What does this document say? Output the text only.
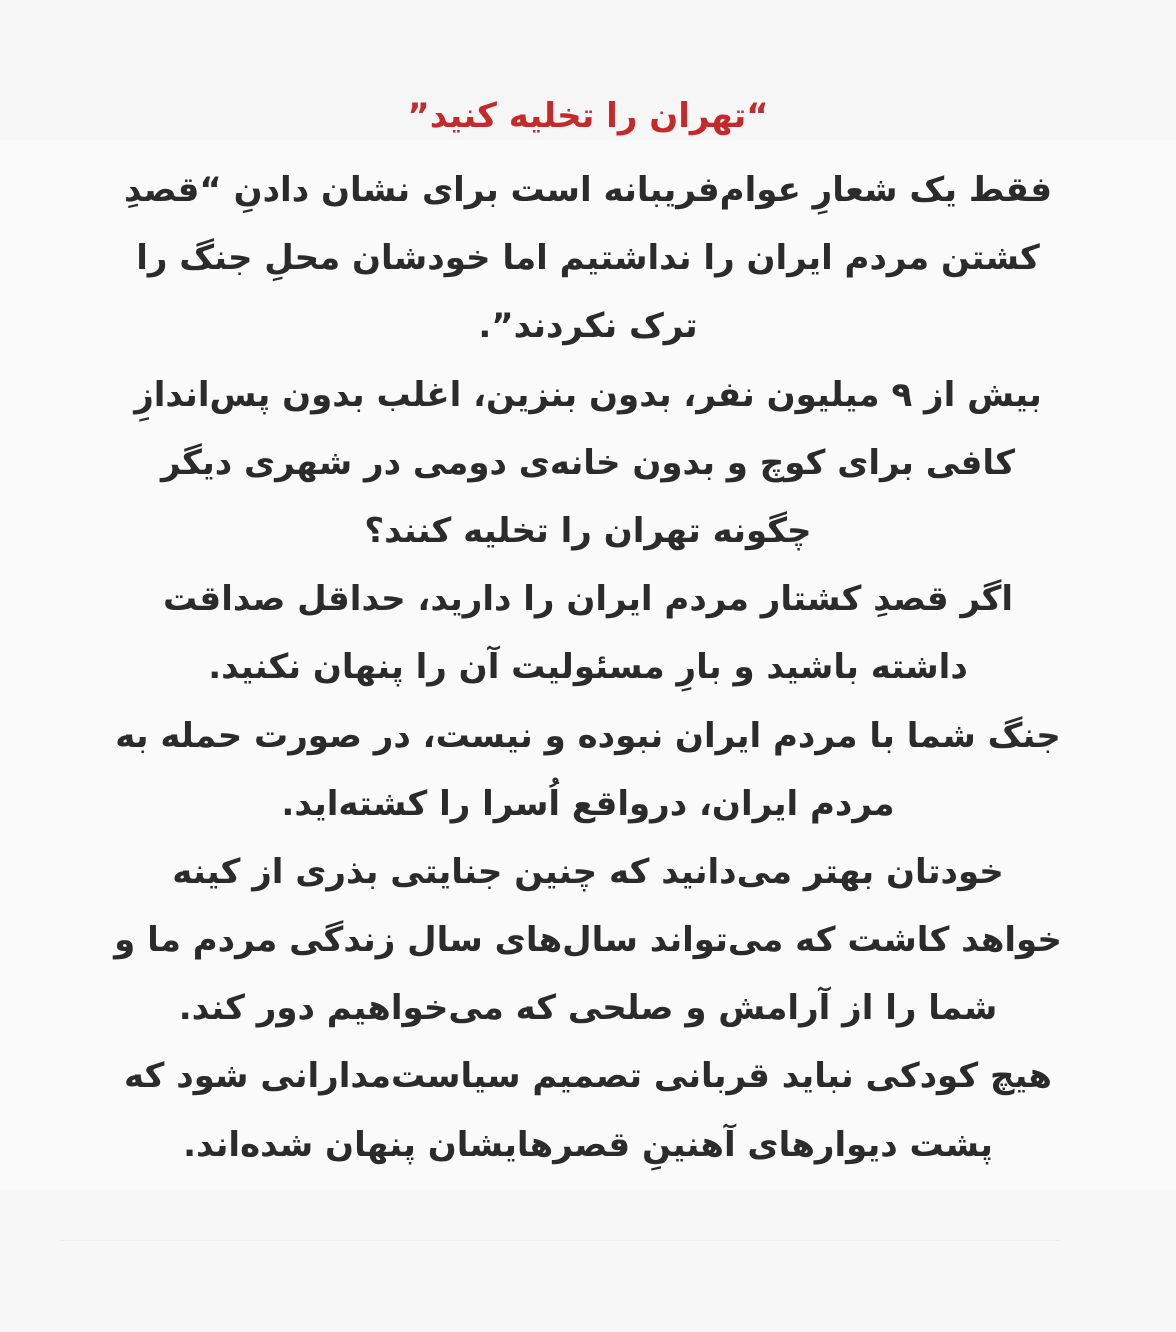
“تهران را تخلیه کنید”
فقط یک شعارِ عوام‌فریبانه است برای نشان دادنِ “قصدِ
کشتن مردم ایران را نداشتیم اما خودشان محلِ جنگ را
ترک نکردند”.
بیش از ۹ میلیون نفر، بدون بنزین، اغلب بدون پس‌اندازِ
کافی برای کوچ و بدون خانه‌ی دومی در شهری دیگر
چگونه تهران را تخلیه کنند؟
اگر قصدِ کشتار مردم ایران را دارید، حداقل صداقت
داشته باشید و بارِ مسئولیت آن را پنهان نکنید.
جنگ شما با مردم ایران نبوده و نیست، در صورت حمله به
مردم ایران، درواقع اُسرا را کشته‌اید.
خودتان بهتر می‌دانید که چنین جنایتی بذری از کینه
خواهد کاشت که می‌تواند سال‌های سال زندگی مردم ما و
شما را از آرامش و صلحی که می‌خواهیم دور کند.
هیچ کودکی نباید قربانی تصمیم سیاست‌مدارانی شود که
پشت دیوارهای آهنینِ قصرهایشان پنهان شده‌اند.
